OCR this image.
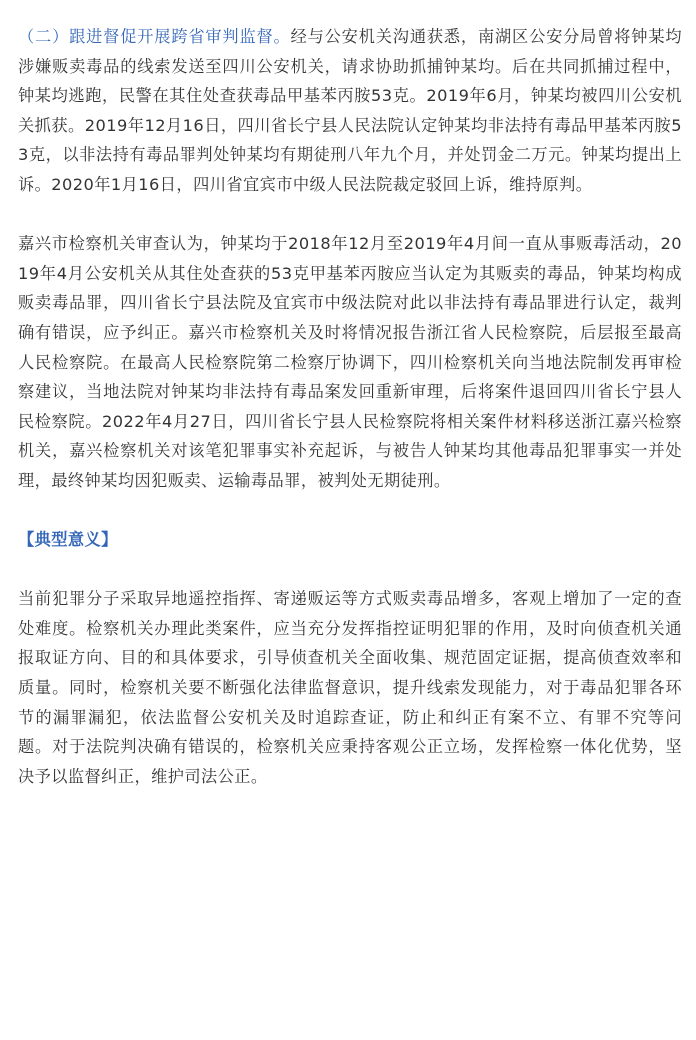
（二）跟进督促开展跨省审判监督。经与公安机关沟通获悉，南湖区公安分局曾将钟某均涉嫌贩卖毒品的线索发送至四川公安机关，请求协助抓捕钟某均。后在共同抓捕过程中，钟某均逃跑，民警在其住处查获毒品甲基苯丙胺53克。2019年6月，钟某均被四川公安机关抓获。2019年12月16日，四川省长宁县人民法院认定钟某均非法持有毒品甲基苯丙胺53克，以非法持有毒品罪判处钟某均有期徒刑八年九个月，并处罚金二万元。钟某均提出上诉。2020年1月16日，四川省宜宾市中级人民法院裁定驳回上诉，维持原判。

嘉兴市检察机关审查认为，钟某均于2018年12月至2019年4月间一直从事贩毒活动，2019年4月公安机关从其住处查获的53克甲基苯丙胺应当认定为其贩卖的毒品，钟某均构成贩卖毒品罪，四川省长宁县法院及宜宾市中级法院对此以非法持有毒品罪进行认定，裁判确有错误，应予纠正。嘉兴市检察机关及时将情况报告浙江省人民检察院，后层报至最高人民检察院。在最高人民检察院第二检察厅协调下，四川检察机关向当地法院制发再审检察建议，当地法院对钟某均非法持有毒品案发回重新审理，后将案件退回四川省长宁县人民检察院。2022年4月27日，四川省长宁县人民检察院将相关案件材料移送浙江嘉兴检察机关，嘉兴检察机关对该笔犯罪事实补充起诉，与被告人钟某均其他毒品犯罪事实一并处理，最终钟某均因犯贩卖、运输毒品罪，被判处无期徒刑。

【典型意义】

当前犯罪分子采取异地遥控指挥、寄递贩运等方式贩卖毒品增多，客观上增加了一定的查处难度。检察机关办理此类案件，应当充分发挥指控证明犯罪的作用，及时向侦查机关通报取证方向、目的和具体要求，引导侦查机关全面收集、规范固定证据，提高侦查效率和质量。同时，检察机关要不断强化法律监督意识，提升线索发现能力，对于毒品犯罪各环节的漏罪漏犯，依法监督公安机关及时追踪查证，防止和纠正有案不立、有罪不究等问题。对于法院判决确有错误的，检察机关应秉持客观公正立场，发挥检察一体化优势，坚决予以监督纠正，维护司法公正。
